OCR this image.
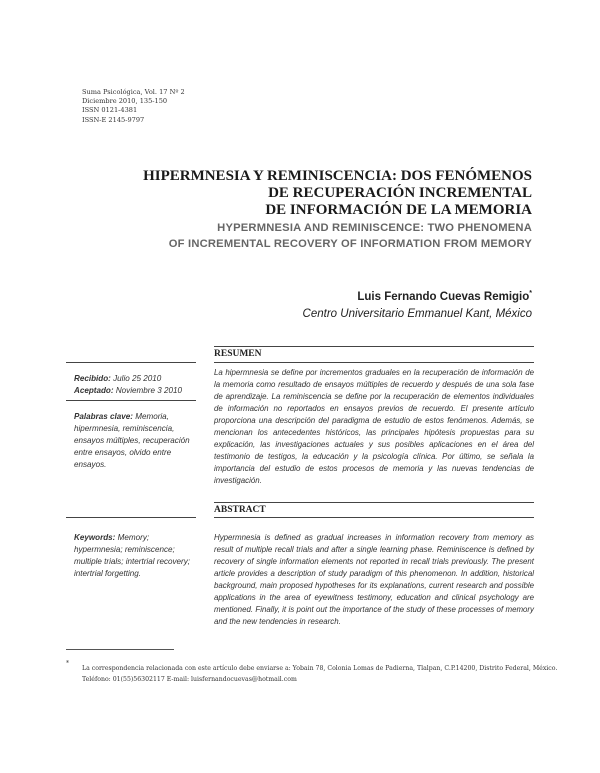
Suma Psicológica, Vol. 17 Nº 2
Diciembre 2010, 135-150
ISSN 0121-4381
ISSN-E 2145-9797
HIPERMNESIA Y REMINISCENCIA: DOS FENÓMENOS
DE RECUPERACIÓN INCREMENTAL
DE INFORMACIÓN DE LA MEMORIA
HYPERMNESIA AND REMINISCENCE: TWO PHENOMENA
OF INCREMENTAL RECOVERY OF INFORMATION FROM MEMORY
Luis Fernando Cuevas Remigio*
Centro Universitario Emmanuel Kant, México
RESUMEN
ABSTRACT
Recibido: Julio 25 2010
Aceptado: Noviembre 3 2010
Palabras clave: Memoria, hipermnesia, reminiscencia, ensayos múltiples, recuperación entre ensayos, olvido entre ensayos.
Keywords: Memory; hypermnesia; reminiscence; multiple trials; intertrial recovery; intertrial forgetting.
La hipermnesia se define por incrementos graduales en la recuperación de información de la memoria como resultado de ensayos múltiples de recuerdo y después de una sola fase de aprendizaje. La reminiscencia se define por la recuperación de elementos individuales de información no reportados en ensayos previos de recuerdo. El presente artículo proporciona una descripción del paradigma de estudio de estos fenómenos. Además, se mencionan los antecedentes históricos, las principales hipótesis propuestas para su explicación, las investigaciones actuales y sus posibles aplicaciones en el área del testimonio de testigos, la educación y la psicología clínica. Por último, se señala la importancia del estudio de estos procesos de memoria y las nuevas tendencias de investigación.
Hypermnesia is defined as gradual increases in information recovery from memory as result of multiple recall trials and after a single learning phase. Reminiscence is defined by recovery of single information elements not reported in recall trials previously. The present article provides a description of study paradigm of this phenomenon. In addition, historical background, main proposed hypotheses for its explanations, current research and possible applications in the area of eyewitness testimony, education and clinical psychology are mentioned. Finally, it is point out the importance of the study of these processes of memory and the new tendencies in research.
*
La correspondencia relacionada con este artículo debe enviarse a: Yobain 78, Colonia Lomas de Padierna, Tlalpan, C.P.14200, Distrito Federal, México.
Teléfono: 01(55)56302117 E-mail: luisfernandocuevas@hotmail.com
